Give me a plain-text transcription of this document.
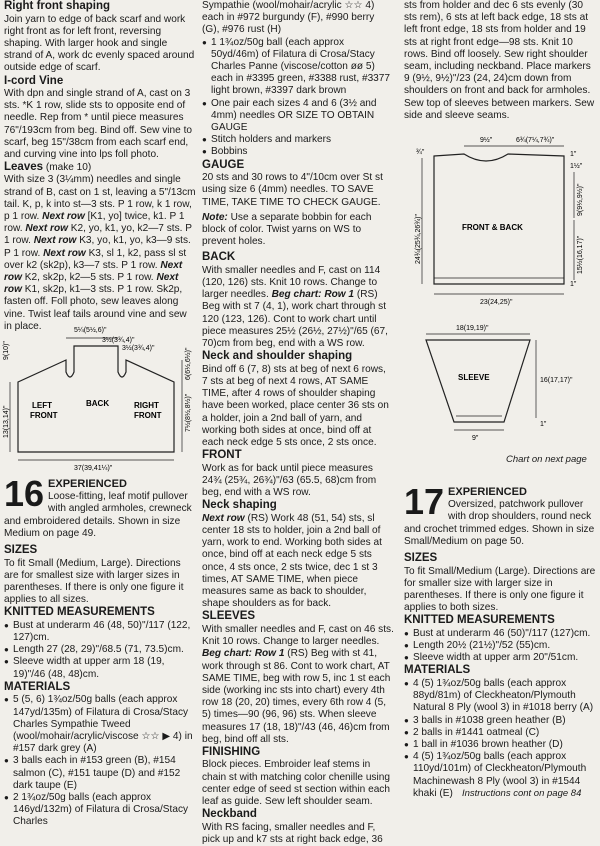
Right front shaping

Join yarn to edge of back scarf and work right front as for left front, reversing shaping. With larger hook and single strand of A, work dc evenly spaced around outside edge of scarf.

I-cord Vine

With dpn and single strand of A, cast on 3 sts. *K 1 row, slide sts to opposite end of needle. Rep from * until piece measures 76"/193cm from beg. Bind off. Sew vine to scarf, beg 15"/38cm from each scarf end, and curving vine into lps foll photo.

Leaves (make 10)
With size 3 (3¼mm) needles and single strand of B, cast on 1 st, leaving a 5"/13cm tail. K, p, k into st—3 sts. P 1 row, k 1 row, p 1 row. Next row [K1, yo] twice, k1. P 1 row. Next row K2, yo, k1, yo, k2—7 sts. P 1 row. Next row K3, yo, k1, yo, k3—9 sts. P 1 row. Next row K3, sl 1, k2, pass sl st over k2 (sk2p), k3—7 sts. P 1 row. Next row K2, sk2p, k2—5 sts. P 1 row. Next row K1, sk2p, k1—3 sts. P 1 row. Sk2p, fasten off. Foll photo, sew leaves along vine. Twist leaf tails around vine and sew in place.	5¼(5½,6)"
3½(3¾,4)"
3½(3¾,4)"
9(10)"
13(13,14)"
6(6½,6½)"
7½(8½,8½)"
LEFT
FRONT
BACK	RIGHT
FRONT
37(39,41¼)"
16 EXPERIENCED
Loose-fitting, leaf motif pullover with angled armholes, crewneck and embroidered details. Shown in size Medium on page 49.
SIZES

To fit Small (Medium, Large). Directions are for smallest size with larger sizes in parentheses. If there is only one figure it applies to all sizes.

KNITTED MEASUREMENTS
● Bust at underarm 46 (48, 50)"/117 (122, 127)cm.
● Length 27 (28, 29)"/68.5 (71, 73.5)cm.
● Sleeve width at upper arm 18 (19, 19)"/46 (48, 48)cm.
MATERIALS
● 5 (5, 6) 1¾oz/50g balls (each approx 147yd/135m) of Filatura di Crosa/Stacy Charles Sympathie Tweed (wool/mohair/acrylic/viscose ☆☆ ▶ 4) in #157 dark grey (A)
● 3 balls each in #153 green (B), #154 salmon (C), #151 taupe (D) and #152 dark taupe (E)
● 2 1¾oz/50g balls (each approx 146yd/132m) of Filatura di Crosa/Stacy Charles

Sympathie (wool/mohair/acrylic ☆☆ 4) each in #972 burgundy (F), #990 berry (G), #976 rust (H)

● 1 1¾oz/50g ball (each approx 50yd/46m) of Filatura di Crosa/Stacy Charles Panne (viscose/cotton øø 5) each in #3395 green, #3388 rust, #3377 light brown, #3397 dark brown
● One pair each sizes 4 and 6 (3½ and 4mm) needles OR SIZE TO OBTAIN GAUGE
● Stitch holders and markers
● Bobbins
GAUGE

20 sts and 30 rows to 4"/10cm over St st using size 6 (4mm) needles. TO SAVE TIME, TAKE TIME TO CHECK GAUGE.

Note: Use a separate bobbin for each block of color. Twist yarns on WS to prevent holes.

BACK

With smaller needles and F, cast on 114 (120, 126) sts. Knit 10 rows. Change to larger needles. Beg chart: Row 1 (RS) Beg with st 7 (4, 1), work chart through st 120 (123, 126). Cont to work chart until piece measures 25½ (26½, 27½)"/65 (67, 70)cm from beg, end with a WS row.

Neck and shoulder shaping

Bind off 6 (7, 8) sts at beg of next 6 rows, 7 sts at beg of next 4 rows, AT SAME TIME, after 4 rows of shoulder shaping have been worked, place center 36 sts on a holder, join a 2nd ball of yarn, and working both sides at once, bind off at each neck edge 5 sts once, 2 sts once.

FRONT

Work as for back until piece measures 24¾ (25¾, 26¾)"/63 (65.5, 68)cm from beg, end with a WS row.

Neck shaping

Next row (RS) Work 48 (51, 54) sts, sl center 18 sts to holder, join a 2nd ball of yarn, work to end. Working both sides at once, bind off at each neck edge 5 sts once, 4 sts once, 2 sts twice, dec 1 st 3 times, AT SAME TIME, when piece measures same as back to shoulder, shape shoulders as for back.

SLEEVES

With smaller needles and F, cast on 46 sts. Knit 10 rows. Change to larger needles. Beg chart: Row 1 (RS) Beg with st 41, work through st 86. Cont to work chart, AT SAME TIME, beg with row 5, inc 1 st each side (working inc sts into chart) every 4th row 18 (20, 20) times, every 6th row 4 (5, 5) times—90 (96, 96) sts. When sleeve measures 17 (18, 18)"/43 (46, 46)cm from beg, bind off all sts.

FINISHING

Block pieces. Embroider leaf stems in chain st with matching color chenille using center edge of seed st section within each leaf as guide. Sew left shoulder seam.

Neckband

With RS facing, smaller needles and F, pick up and k7 sts at right back edge, 36

sts from holder and dec 6 sts evenly (30 sts rem), 6 sts at left back edge, 18 sts at left front edge, 18 sts from holder and 19 sts at right front edge—98 sts. Knit 10 rows. Bind off loosely. Sew right shoulder seam, including neckband. Place markers 9 (9½, 9½)"/23 (24, 24)cm down from shoulders on front and back for armholes. Sew top of sleeves between markers. Sew side and sleeve seams.

9½"	6¾(7¼,7¾)"
¾"	1"
1½"
9(9½,9½)"
15½(16,17)"
24¾(25¾,26¾)"
1"
FRONT & BACK
23(24,25)"
18(19,19)"
SLEEVE	16(17,17)"
1"
9"
Chart on next page
17 EXPERIENCED
Oversized, patchwork pullover with drop shoulders, round neck and crochet trimmed edges. Shown in size Small/Medium on page 50.
SIZES

To fit Small/Medium (Large). Directions are for smaller size with larger size in parentheses. If there is only one figure it applies to both sizes.

KNITTED MEASUREMENTS
● Bust at underarm 46 (50)"/117 (127)cm.
● Length 20½ (21½)"/52 (55)cm.
● Sleeve width at upper arm 20"/51cm.
MATERIALS
● 4 (5) 1¾oz/50g balls (each approx 88yd/81m) of Cleckheaton/Plymouth Natural 8 Ply (wool 3) in #1018 berry (A)
● 3 balls in #1038 green heather (B)
● 2 balls in #1441 oatmeal (C)
● 1 ball in #1036 brown heather (D)
● 4 (5) 1¾oz/50g balls (each approx 110yd/101m) of Cleckheaton/Plymouth Machinewash 8 Ply (wool 3) in #1544 khaki (E) Instructions cont on page 84
